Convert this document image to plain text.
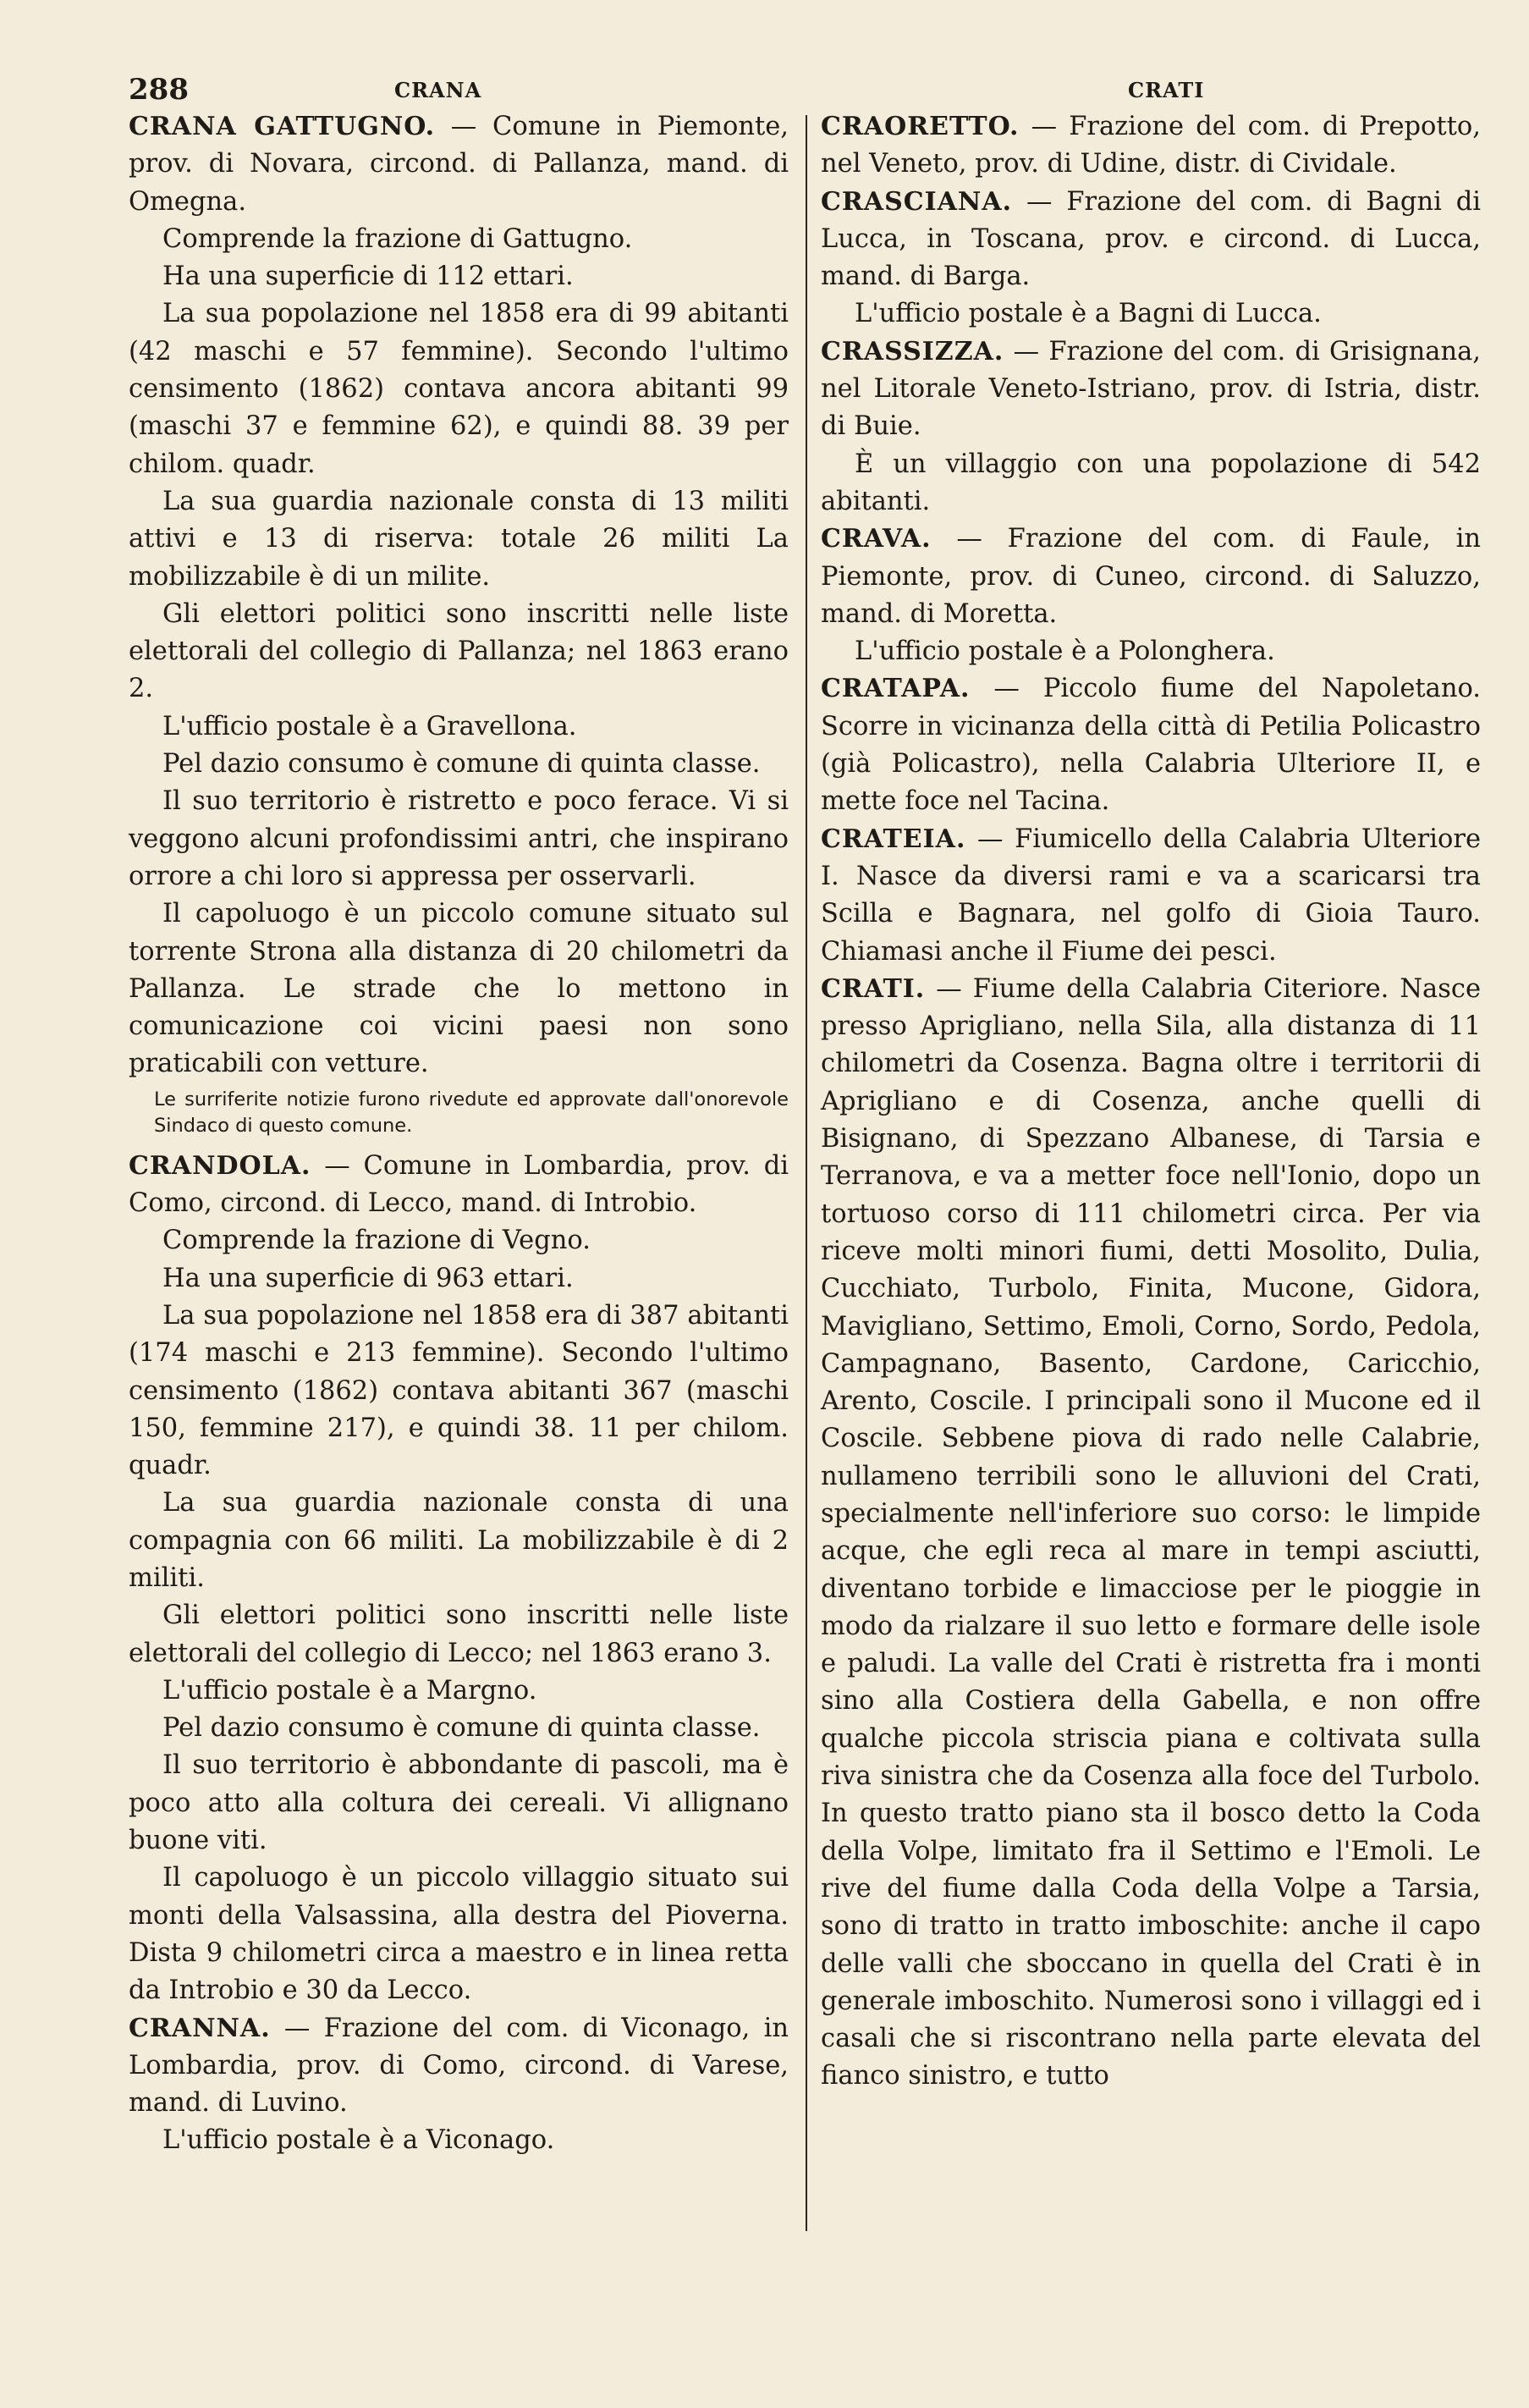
288	CRANA	CRATI

CRANA GATTUGNO. — Comune in Piemonte, prov. di Novara, circond. di Pallanza, mand. di Omegna.

Comprende la frazione di Gattugno.

Ha una superficie di 112 ettari.

La sua popolazione nel 1858 era di 99 abitanti (42 maschi e 57 femmine). Secondo l'ultimo censimento (1862) contava ancora abitanti 99 (maschi 37 e femmine 62), e quindi 88. 39 per chilom. quadr.

La sua guardia nazionale consta di 13 militi attivi e 13 di riserva: totale 26 militi La mobilizzabile è di un milite.

Gli elettori politici sono inscritti nelle liste elettorali del collegio di Pallanza; nel 1863 erano 2.

L'ufficio postale è a Gravellona.

Pel dazio consumo è comune di quinta classe.

Il suo territorio è ristretto e poco ferace. Vi si veggono alcuni profondissimi antri, che inspirano orrore a chi loro si appressa per osservarli.

Il capoluogo è un piccolo comune situato sul torrente Strona alla distanza di 20 chilometri da Pallanza. Le strade che lo mettono in comunicazione coi vicini paesi non sono praticabili con vetture.

Le surriferite notizie furono rivedute ed approvate dall'onorevole Sindaco di questo comune.

CRANDOLA. — Comune in Lombardia, prov. di Como, circond. di Lecco, mand. di Introbio.

Comprende la frazione di Vegno.

Ha una superficie di 963 ettari.

La sua popolazione nel 1858 era di 387 abitanti (174 maschi e 213 femmine). Secondo l'ultimo censimento (1862) contava abitanti 367 (maschi 150, femmine 217), e quindi 38. 11 per chilom. quadr.

La sua guardia nazionale consta di una compagnia con 66 militi. La mobilizzabile è di 2 militi.

Gli elettori politici sono inscritti nelle liste elettorali del collegio di Lecco; nel 1863 erano 3.

L'ufficio postale è a Margno.

Pel dazio consumo è comune di quinta classe.

Il suo territorio è abbondante di pascoli, ma è poco atto alla coltura dei cereali. Vi allignano buone viti.

Il capoluogo è un piccolo villaggio situato sui monti della Valsassina, alla destra del Pioverna. Dista 9 chilometri circa a maestro e in linea retta da Introbio e 30 da Lecco.

CRANNA. — Frazione del com. di Viconago, in Lombardia, prov. di Como, circond. di Varese, mand. di Luvino.

L'ufficio postale è a Viconago.

CRAORETTO. — Frazione del com. di Prepotto, nel Veneto, prov. di Udine, distr. di Cividale.

CRASCIANA. — Frazione del com. di Bagni di Lucca, in Toscana, prov. e circond. di Lucca, mand. di Barga.

L'ufficio postale è a Bagni di Lucca.

CRASSIZZA. — Frazione del com. di Grisignana, nel Litorale Veneto-Istriano, prov. di Istria, distr. di Buie.

È un villaggio con una popolazione di 542 abitanti.

CRAVA. — Frazione del com. di Faule, in Piemonte, prov. di Cuneo, circond. di Saluzzo, mand. di Moretta.

L'ufficio postale è a Polonghera.

CRATAPA. — Piccolo fiume del Napoletano. Scorre in vicinanza della città di Petilia Policastro (già Policastro), nella Calabria Ulteriore II, e mette foce nel Tacina.

CRATEIA. — Fiumicello della Calabria Ulteriore I. Nasce da diversi rami e va a scaricarsi tra Scilla e Bagnara, nel golfo di Gioia Tauro. Chiamasi anche il Fiume dei pesci.

CRATI. — Fiume della Calabria Citeriore. Nasce presso Aprigliano, nella Sila, alla distanza di 11 chilometri da Cosenza. Bagna oltre i territorii di Aprigliano e di Cosenza, anche quelli di Bisignano, di Spezzano Albanese, di Tarsia e Terranova, e va a metter foce nell'Ionio, dopo un tortuoso corso di 111 chilometri circa. Per via riceve molti minori fiumi, detti Mosolito, Dulia, Cucchiato, Turbolo, Finita, Mucone, Gidora, Mavigliano, Settimo, Emoli, Corno, Sordo, Pedola, Campagnano, Basento, Cardone, Caricchio, Arento, Coscile. I principali sono il Mucone ed il Coscile. Sebbene piova di rado nelle Calabrie, nullameno terribili sono le alluvioni del Crati, specialmente nell'inferiore suo corso: le limpide acque, che egli reca al mare in tempi asciutti, diventano torbide e limacciose per le pioggie in modo da rialzare il suo letto e formare delle isole e paludi. La valle del Crati è ristretta fra i monti sino alla Costiera della Gabella, e non offre qualche piccola striscia piana e coltivata sulla riva sinistra che da Cosenza alla foce del Turbolo. In questo tratto piano sta il bosco detto la Coda della Volpe, limitato fra il Settimo e l'Emoli. Le rive del fiume dalla Coda della Volpe a Tarsia, sono di tratto in tratto imboschite: anche il capo delle valli che sboccano in quella del Crati è in generale imboschito. Numerosi sono i villaggi ed i casali che si riscontrano nella parte elevata del fianco sinistro, e tutto
